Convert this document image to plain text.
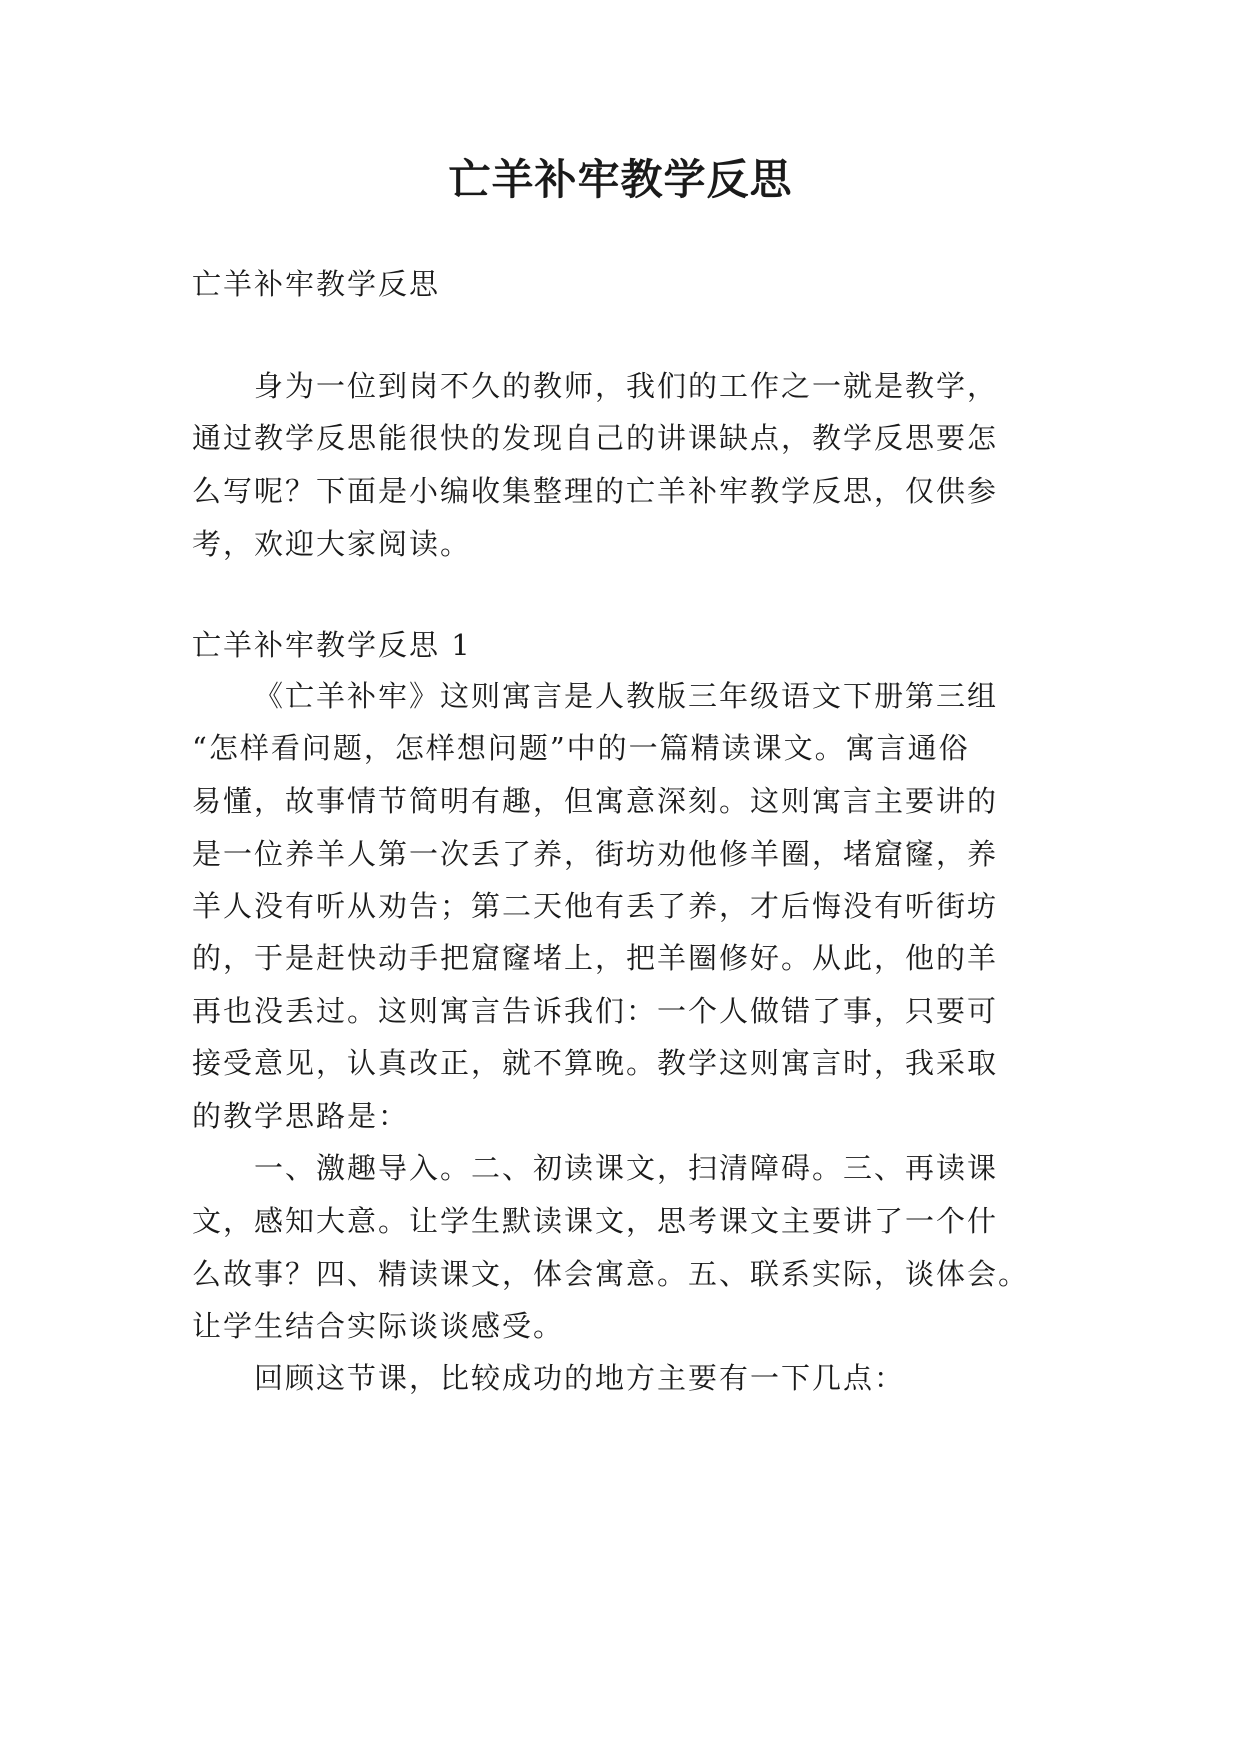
亡羊补牢教学反思

亡羊补牢教学反思

身为一位到岗不久的教师，我们的工作之一就是教学，

通过教学反思能很快的发现自己的讲课缺点，教学反思要怎

么写呢？下面是小编收集整理的亡羊补牢教学反思，仅供参

考，欢迎大家阅读。

亡羊补牢教学反思 1

《亡羊补牢》这则寓言是人教版三年级语文下册第三组

“怎样看问题，怎样想问题”中的一篇精读课文。寓言通俗

易懂，故事情节简明有趣，但寓意深刻。这则寓言主要讲的

是一位养羊人第一次丢了养，街坊劝他修羊圈，堵窟窿，养

羊人没有听从劝告；第二天他有丢了养，才后悔没有听街坊

的，于是赶快动手把窟窿堵上，把羊圈修好。从此，他的羊

再也没丢过。这则寓言告诉我们：一个人做错了事，只要可

接受意见，认真改正，就不算晚。教学这则寓言时，我采取

的教学思路是：

一、激趣导入。二、初读课文，扫清障碍。三、再读课

文，感知大意。让学生默读课文，思考课文主要讲了一个什

么故事？四、精读课文，体会寓意。五、联系实际，谈体会。

让学生结合实际谈谈感受。

回顾这节课，比较成功的地方主要有一下几点：
